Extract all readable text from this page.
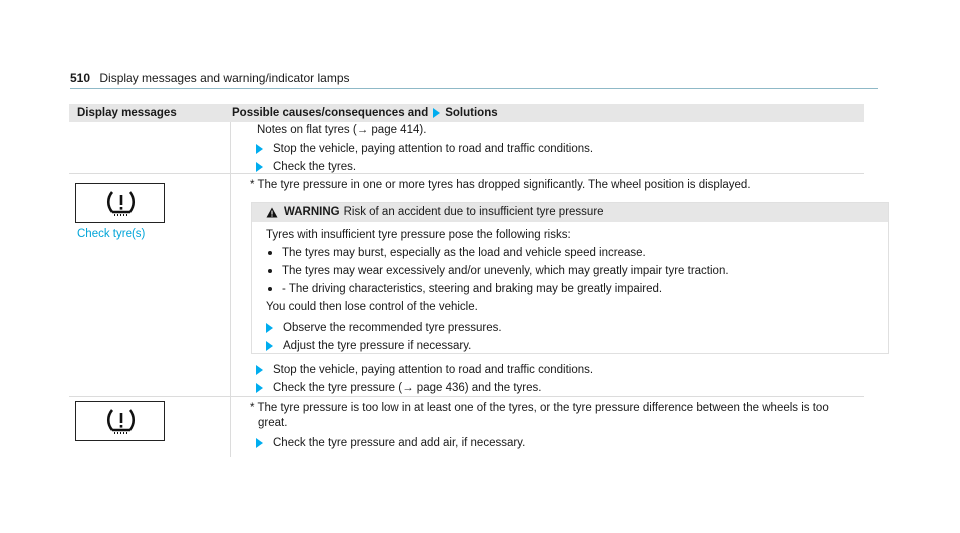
510 Display messages and warning/indicator lamps
Display messages	Possible causes/consequences and Solutions
Notes on flat tyres (→ page 414).
Stop the vehicle, paying attention to road and traffic conditions.
Check the tyres.
Check tyre(s)
* The tyre pressure in one or more tyres has dropped significantly. The wheel position is displayed.
WARNING Risk of an accident due to insufficient tyre pressure
Tyres with insufficient tyre pressure pose the following risks:
The tyres may burst, especially as the load and vehicle speed increase.
The tyres may wear excessively and/or unevenly, which may greatly impair tyre traction.
- The driving characteristics, steering and braking may be greatly impaired.
You could then lose control of the vehicle.
Observe the recommended tyre pressures.
Adjust the tyre pressure if necessary.
Stop the vehicle, paying attention to road and traffic conditions.
Check the tyre pressure (→ page 436) and the tyres.
* The tyre pressure is too low in at least one of the tyres, or the tyre pressure difference between the wheels is too
great.
Check the tyre pressure and add air, if necessary.
